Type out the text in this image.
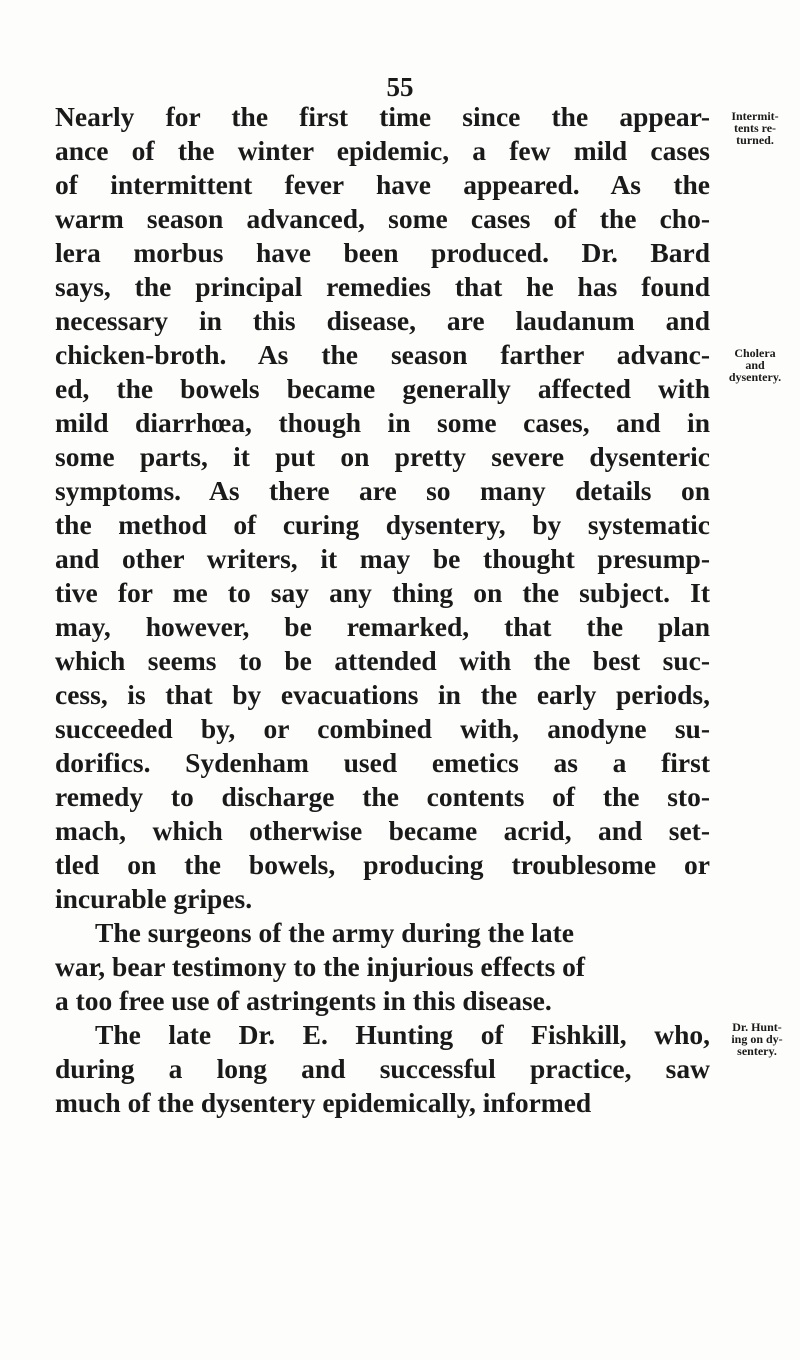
55
Nearly for the first time since the appear-
ance of the winter epidemic, a few mild cases
of intermittent fever have appeared. As the
warm season advanced, some cases of the cho-
lera morbus have been produced. Dr. Bard
says, the principal remedies that he has found
necessary in this disease, are laudanum and
chicken-broth. As the season farther advanc-
ed, the bowels became generally affected with
mild diarrhœa, though in some cases, and in
some parts, it put on pretty severe dysenteric
symptoms. As there are so many details on
the method of curing dysentery, by systematic
and other writers, it may be thought presump-
tive for me to say any thing on the subject. It
may, however, be remarked, that the plan
which seems to be attended with the best suc-
cess, is that by evacuations in the early periods,
succeeded by, or combined with, anodyne su-
dorifics. Sydenham used emetics as a first
remedy to discharge the contents of the sto-
mach, which otherwise became acrid, and set-
tled on the bowels, producing troublesome or
incurable gripes.
The surgeons of the army during the late
war, bear testimony to the injurious effects of
a too free use of astringents in this disease.
The late Dr. E. Hunting of Fishkill, who,
during a long and successful practice, saw
much of the dysentery epidemically, informed
Intermit-
tents re-
turned.
Cholera and
dysentery.
Dr. Hunt-
ing on dy-
sentery.
